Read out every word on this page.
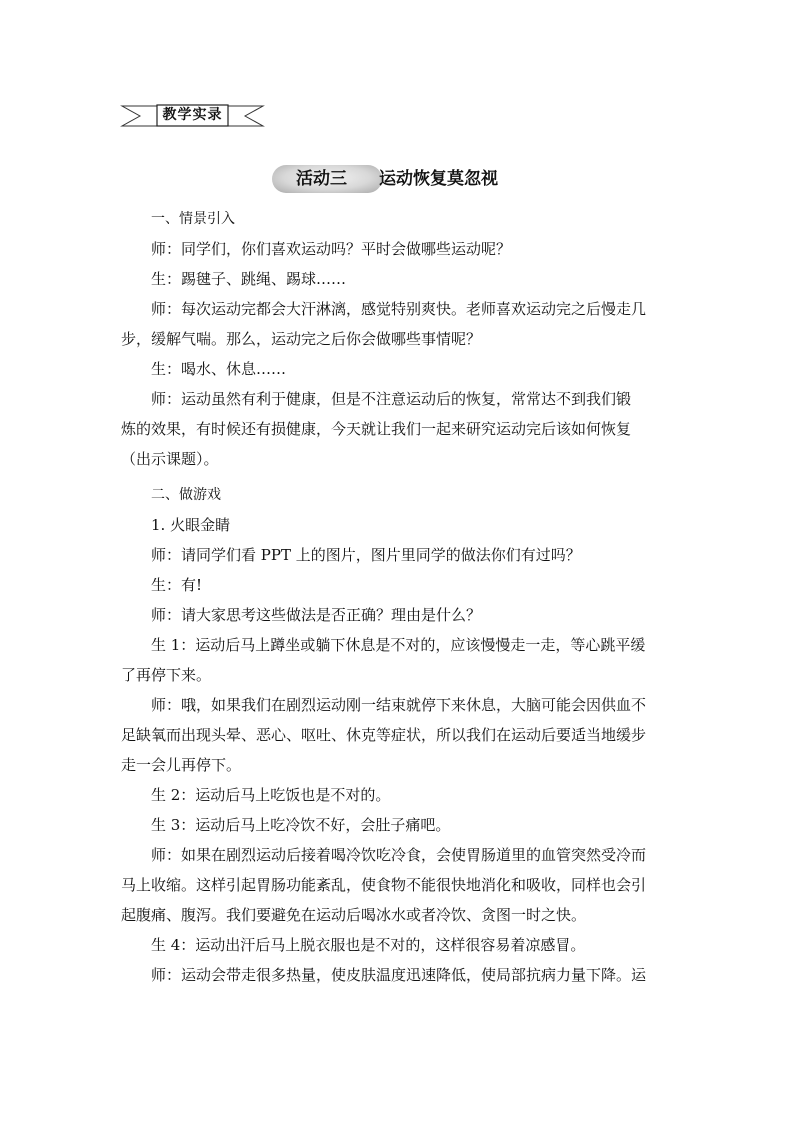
教学实录
活动三 运动恢复莫忽视

一、情景引入

师：同学们，你们喜欢运动吗？平时会做哪些运动呢？

生：踢毽子、跳绳、踢球……

师：每次运动完都会大汗淋漓，感觉特别爽快。老师喜欢运动完之后慢走几

步，缓解气喘。那么，运动完之后你会做哪些事情呢？

生：喝水、休息……

师：运动虽然有利于健康，但是不注意运动后的恢复，常常达不到我们锻

炼的效果，有时候还有损健康，今天就让我们一起来研究运动完后该如何恢复

（出示课题）。

二、做游戏

1. 火眼金睛

师：请同学们看 PPT 上的图片，图片里同学的做法你们有过吗？

生：有!

师：请大家思考这些做法是否正确？理由是什么？

生 1：运动后马上蹲坐或躺下休息是不对的，应该慢慢走一走，等心跳平缓

了再停下来。

师：哦，如果我们在剧烈运动刚一结束就停下来休息，大脑可能会因供血不

足缺氧而出现头晕、恶心、呕吐、休克等症状，所以我们在运动后要适当地缓步

走一会儿再停下。

生 2：运动后马上吃饭也是不对的。

生 3：运动后马上吃冷饮不好，会肚子痛吧。

师：如果在剧烈运动后接着喝冷饮吃冷食，会使胃肠道里的血管突然受冷而

马上收缩。这样引起胃肠功能紊乱，使食物不能很快地消化和吸收，同样也会引

起腹痛、腹泻。我们要避免在运动后喝冰水或者冷饮、贪图一时之快。

生 4：运动出汗后马上脱衣服也是不对的，这样很容易着凉感冒。

师：运动会带走很多热量，使皮肤温度迅速降低，使局部抗病力量下降。运
